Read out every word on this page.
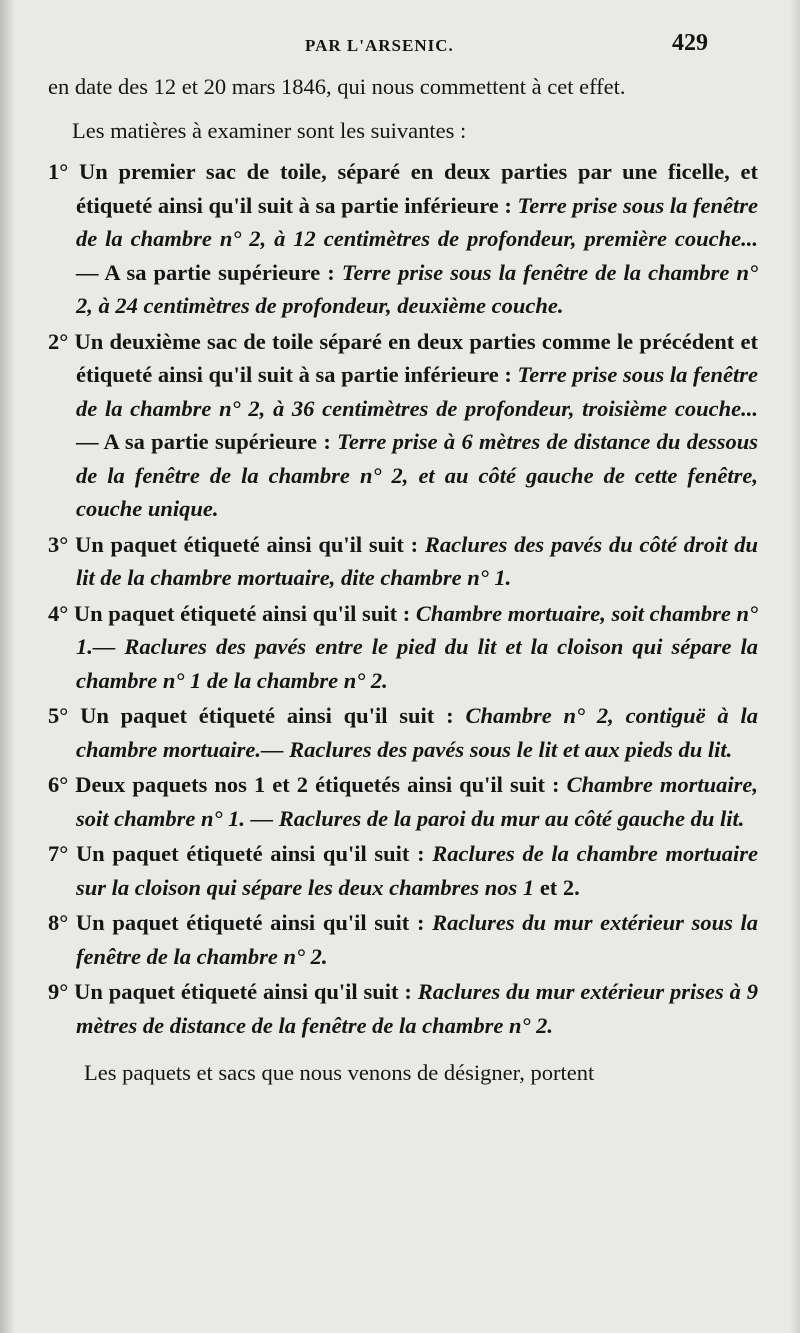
PAR L'ARSENIC.	429

en date des 12 et 20 mars 1846, qui nous commettent à cet effet.

Les matières à examiner sont les suivantes :

1° Un premier sac de toile, séparé en deux parties par une ficelle, et étiqueté ainsi qu'il suit à sa partie inférieure : Terre prise sous la fenêtre de la chambre n° 2, à 12 centimètres de profondeur, première couche... — A sa partie supérieure : Terre prise sous la fenêtre de la chambre n° 2, à 24 centimètres de profondeur, deuxième couche.

2° Un deuxième sac de toile séparé en deux parties comme le précédent et étiqueté ainsi qu'il suit à sa partie inférieure : Terre prise sous la fenêtre de la chambre n° 2, à 36 centimètres de profondeur, troisième couche... — A sa partie supérieure : Terre prise à 6 mètres de distance du dessous de la fenêtre de la chambre n° 2, et au côté gauche de cette fenêtre, couche unique.

3° Un paquet étiqueté ainsi qu'il suit : Raclures des pavés du côté droit du lit de la chambre mortuaire, dite chambre n° 1.

4° Un paquet étiqueté ainsi qu'il suit : Chambre mortuaire, soit chambre n° 1.— Raclures des pavés entre le pied du lit et la cloison qui sépare la chambre n° 1 de la chambre n° 2.

5° Un paquet étiqueté ainsi qu'il suit : Chambre n° 2, contiguë à la chambre mortuaire.— Raclures des pavés sous le lit et aux pieds du lit.

6° Deux paquets nos 1 et 2 étiquetés ainsi qu'il suit : Chambre mortuaire, soit chambre n° 1. — Raclures de la paroi du mur au côté gauche du lit.

7° Un paquet étiqueté ainsi qu'il suit : Raclures de la chambre mortuaire sur la cloison qui sépare les deux chambres nos 1 et 2.

8° Un paquet étiqueté ainsi qu'il suit : Raclures du mur extérieur sous la fenêtre de la chambre n° 2.

9° Un paquet étiqueté ainsi qu'il suit : Raclures du mur extérieur prises à 9 mètres de distance de la fenêtre de la chambre n° 2.

Les paquets et sacs que nous venons de désigner, portent
